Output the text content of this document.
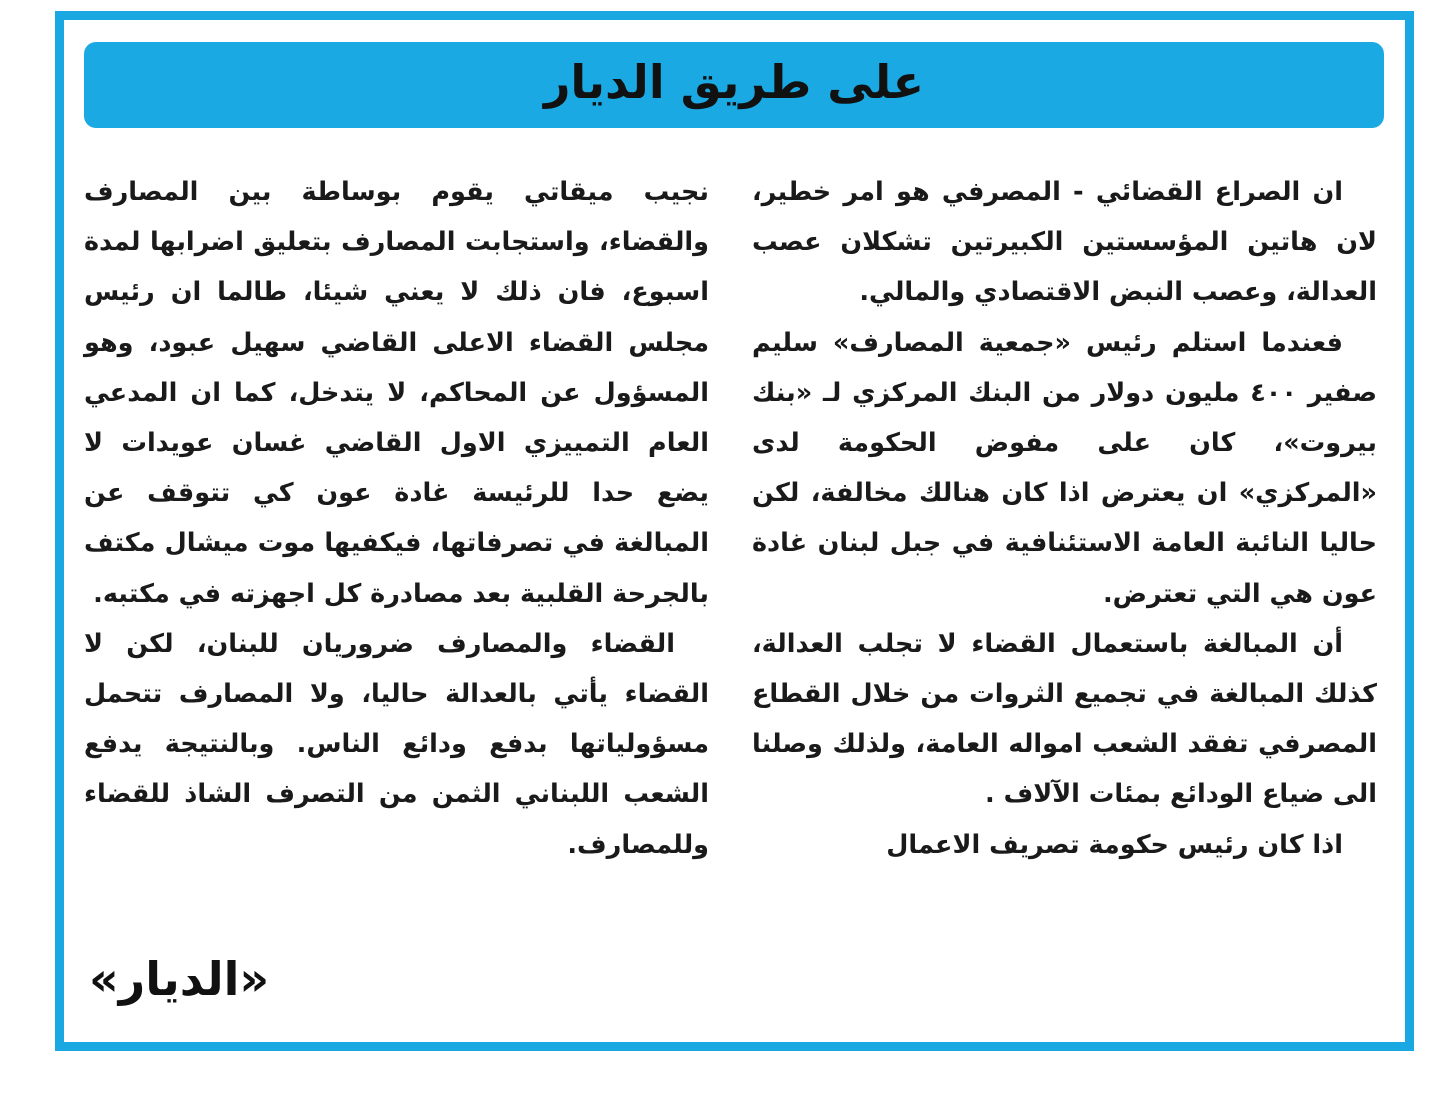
على طريق الديار

ان الصراع القضائي - المصرفي هو امر خطير، لان هاتين المؤسستين الكبيرتين تشكلان عصب العدالة، وعصب النبض الاقتصادي والمالي.

فعندما استلم رئيس «جمعية المصارف» سليم صفير ٤٠٠ مليون دولار من البنك المركزي لـ «بنك بيروت»، كان على مفوض الحكومة لدى «المركزي» ان يعترض اذا كان هنالك مخالفة، لكن حاليا النائبة العامة الاستئنافية في جبل لبنان غادة عون هي التي تعترض.

أن المبالغة باستعمال القضاء لا تجلب العدالة، كذلك المبالغة في تجميع الثروات من خلال القطاع المصرفي تفقد الشعب امواله العامة، ولذلك وصلنا الى ضياع الودائع بمئات الآلاف .

اذا كان رئيس حكومة تصريف الاعمال

نجيب ميقاتي يقوم بوساطة بين المصارف والقضاء، واستجابت المصارف بتعليق اضرابها لمدة اسبوع، فان ذلك لا يعني شيئا، طالما ان رئيس مجلس القضاء الاعلى القاضي سهيل عبود، وهو المسؤول عن المحاكم، لا يتدخل، كما ان المدعي العام التمييزي الاول القاضي غسان عويدات لا يضع حدا للرئيسة غادة عون كي تتوقف عن المبالغة في تصرفاتها، فيكفيها موت ميشال مكتف بالجرحة القلبية بعد مصادرة كل اجهزته في مكتبه.

القضاء والمصارف ضروريان للبنان، لكن لا القضاء يأتي بالعدالة حاليا، ولا المصارف تتحمل مسؤولياتها بدفع ودائع الناس. وبالنتيجة يدفع الشعب اللبناني الثمن من التصرف الشاذ للقضاء وللمصارف.

«الديار»
